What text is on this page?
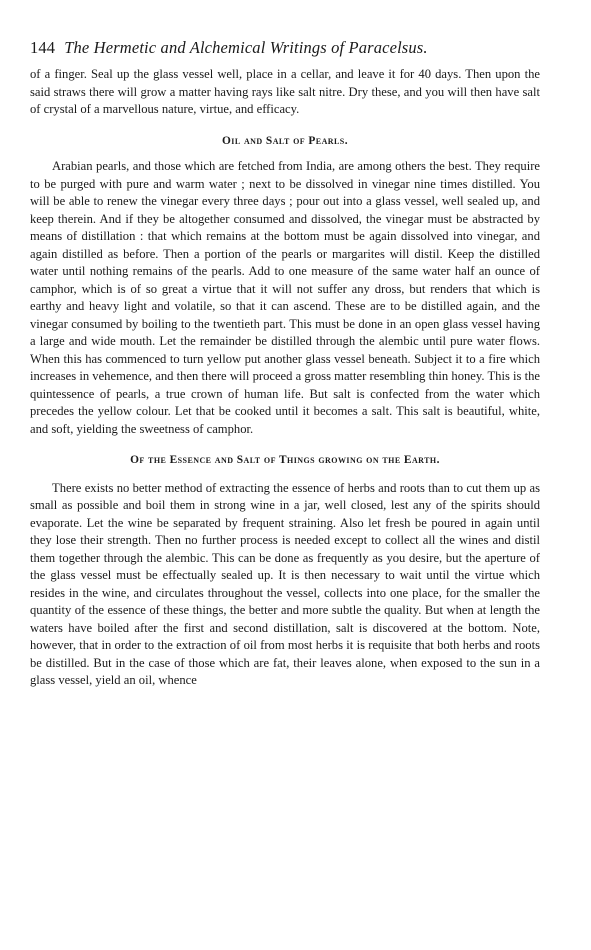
144 The Hermetic and Alchemical Writings of Paracelsus.

of a finger. Seal up the glass vessel well, place in a cellar, and leave it for 40 days. Then upon the said straws there will grow a matter having rays like salt nitre. Dry these, and you will then have salt of crystal of a marvellous nature, virtue, and efficacy.

Oil and Salt of Pearls.

Arabian pearls, and those which are fetched from India, are among others the best. They require to be purged with pure and warm water ; next to be dissolved in vinegar nine times distilled. You will be able to renew the vinegar every three days ; pour out into a glass vessel, well sealed up, and keep therein. And if they be altogether consumed and dissolved, the vinegar must be abstracted by means of distillation : that which remains at the bottom must be again dissolved into vinegar, and again distilled as before. Then a portion of the pearls or margarites will distil. Keep the distilled water until nothing remains of the pearls. Add to one measure of the same water half an ounce of camphor, which is of so great a virtue that it will not suffer any dross, but renders that which is earthy and heavy light and volatile, so that it can ascend. These are to be distilled again, and the vinegar consumed by boiling to the twentieth part. This must be done in an open glass vessel having a large and wide mouth. Let the remainder be distilled through the alembic until pure water flows. When this has commenced to turn yellow put another glass vessel beneath. Subject it to a fire which increases in vehemence, and then there will proceed a gross matter resembling thin honey. This is the quintessence of pearls, a true crown of human life. But salt is confected from the water which precedes the yellow colour. Let that be cooked until it becomes a salt. This salt is beautiful, white, and soft, yielding the sweetness of camphor.

Of the Essence and Salt of Things growing on the Earth.

There exists no better method of extracting the essence of herbs and roots than to cut them up as small as possible and boil them in strong wine in a jar, well closed, lest any of the spirits should evaporate. Let the wine be separated by frequent straining. Also let fresh be poured in again until they lose their strength. Then no further process is needed except to collect all the wines and distil them together through the alembic. This can be done as frequently as you desire, but the aperture of the glass vessel must be effectually sealed up. It is then necessary to wait until the virtue which resides in the wine, and circulates throughout the vessel, collects into one place, for the smaller the quantity of the essence of these things, the better and more subtle the quality. But when at length the waters have boiled after the first and second distillation, salt is discovered at the bottom. Note, however, that in order to the extraction of oil from most herbs it is requisite that both herbs and roots be distilled. But in the case of those which are fat, their leaves alone, when exposed to the sun in a glass vessel, yield an oil, whence
